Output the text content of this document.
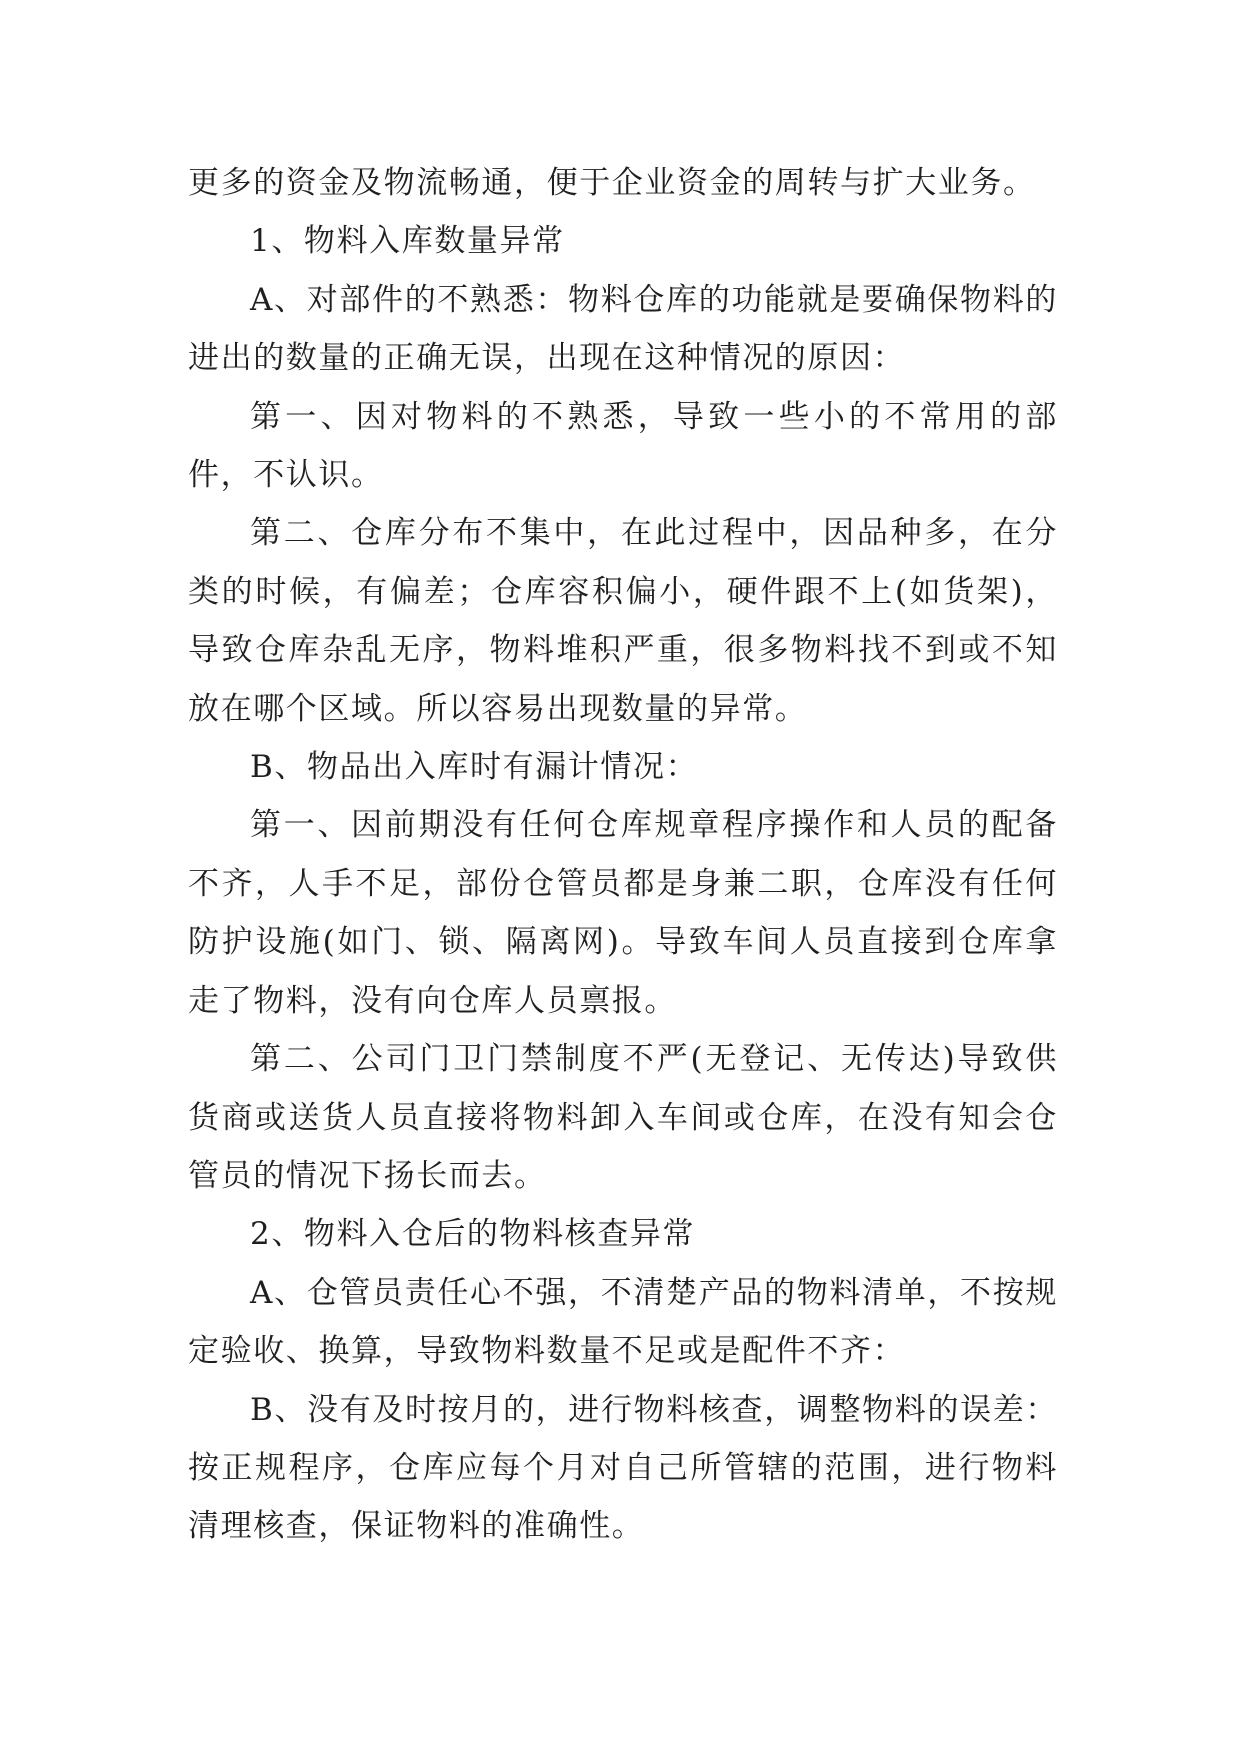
更多的资金及物流畅通，便于企业资金的周转与扩大业务。

1、物料入库数量异常

A、对部件的不熟悉：物料仓库的功能就是要确保物料的进出的数量的正确无误，出现在这种情况的原因：

第一、因对物料的不熟悉，导致一些小的不常用的部件，不认识。

第二、仓库分布不集中，在此过程中，因品种多，在分类的时候，有偏差；仓库容积偏小，硬件跟不上(如货架)，导致仓库杂乱无序，物料堆积严重，很多物料找不到或不知放在哪个区域。所以容易出现数量的异常。

B、物品出入库时有漏计情况：

第一、因前期没有任何仓库规章程序操作和人员的配备不齐，人手不足，部份仓管员都是身兼二职，仓库没有任何防护设施(如门、锁、隔离网)。导致车间人员直接到仓库拿走了物料，没有向仓库人员禀报。

第二、公司门卫门禁制度不严(无登记、无传达)导致供货商或送货人员直接将物料卸入车间或仓库，在没有知会仓管员的情况下扬长而去。

2、物料入仓后的物料核查异常

A、仓管员责任心不强，不清楚产品的物料清单，不按规定验收、换算，导致物料数量不足或是配件不齐：

B、没有及时按月的，进行物料核查，调整物料的误差：按正规程序，仓库应每个月对自己所管辖的范围，进行物料清理核查，保证物料的准确性。
